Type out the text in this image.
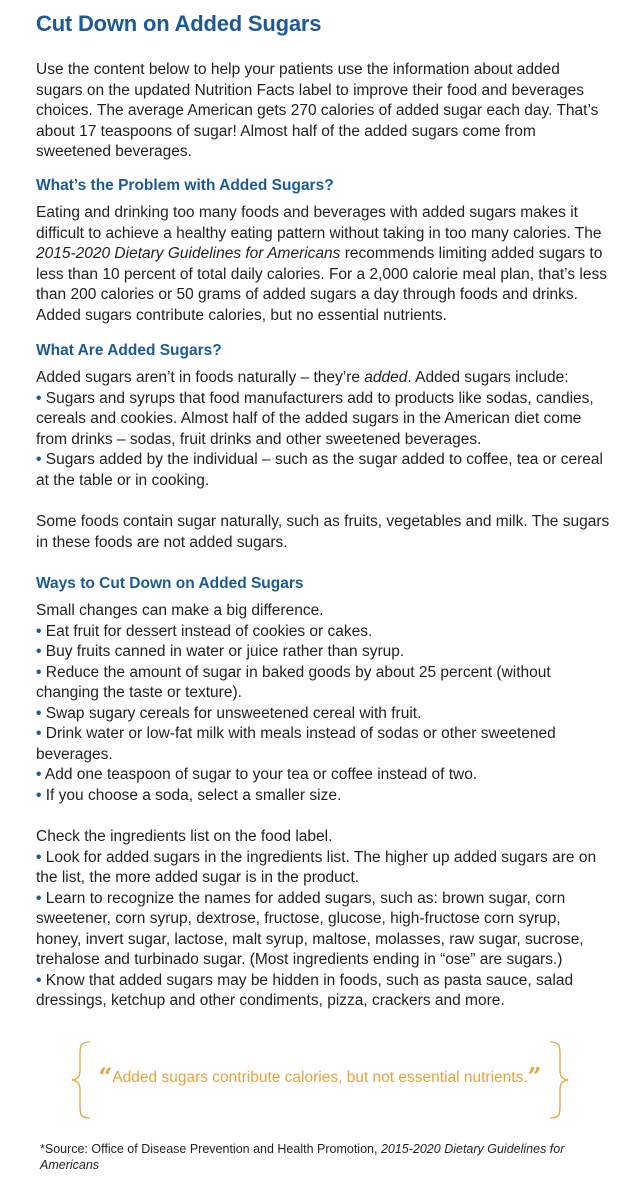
Cut Down on Added Sugars

Use the content below to help your patients use the information about added sugars on the updated Nutrition Facts label to improve their food and beverages choices. The average American gets 270 calories of added sugar each day. That’s about 17 teaspoons of sugar! Almost half of the added sugars come from sweetened beverages.

What’s the Problem with Added Sugars?

Eating and drinking too many foods and beverages with added sugars makes it difficult to achieve a healthy eating pattern without taking in too many calories. The 2015-2020 Dietary Guidelines for Americans recommends limiting added sugars to less than 10 percent of total daily calories. For a 2,000 calorie meal plan, that’s less than 200 calories or 50 grams of added sugars a day through foods and drinks. Added sugars contribute calories, but no essential nutrients.

What Are Added Sugars?

Added sugars aren’t in foods naturally – they’re added. Added sugars include:

• Sugars and syrups that food manufacturers add to products like sodas, candies, cereals and cookies. Almost half of the added sugars in the American diet come from drinks – sodas, fruit drinks and other sweetened beverages.

• Sugars added by the individual – such as the sugar added to coffee, tea or cereal at the table or in cooking.

Some foods contain sugar naturally, such as fruits, vegetables and milk. The sugars in these foods are not added sugars.

Ways to Cut Down on Added Sugars

Small changes can make a big difference.

• Eat fruit for dessert instead of cookies or cakes.

• Buy fruits canned in water or juice rather than syrup.

• Reduce the amount of sugar in baked goods by about 25 percent (without changing the taste or texture).

• Swap sugary cereals for unsweetened cereal with fruit.

• Drink water or low-fat milk with meals instead of sodas or other sweetened beverages.

• Add one teaspoon of sugar to your tea or coffee instead of two.

• If you choose a soda, select a smaller size.

Check the ingredients list on the food label.

• Look for added sugars in the ingredients list. The higher up added sugars are on the list, the more added sugar is in the product.

• Learn to recognize the names for added sugars, such as: brown sugar, corn sweetener, corn syrup, dextrose, fructose, glucose, high-fructose corn syrup, honey, invert sugar, lactose, malt syrup, maltose, molasses, raw sugar, sucrose, trehalose and turbinado sugar. (Most ingredients ending in “ose” are sugars.)

• Know that added sugars may be hidden in foods, such as pasta sauce, salad dressings, ketchup and other condiments, pizza, crackers and more.

“Added sugars contribute calories, but not essential nutrients.”
*Source: Office of Disease Prevention and Health Promotion, 2015-2020 Dietary Guidelines for Americans
